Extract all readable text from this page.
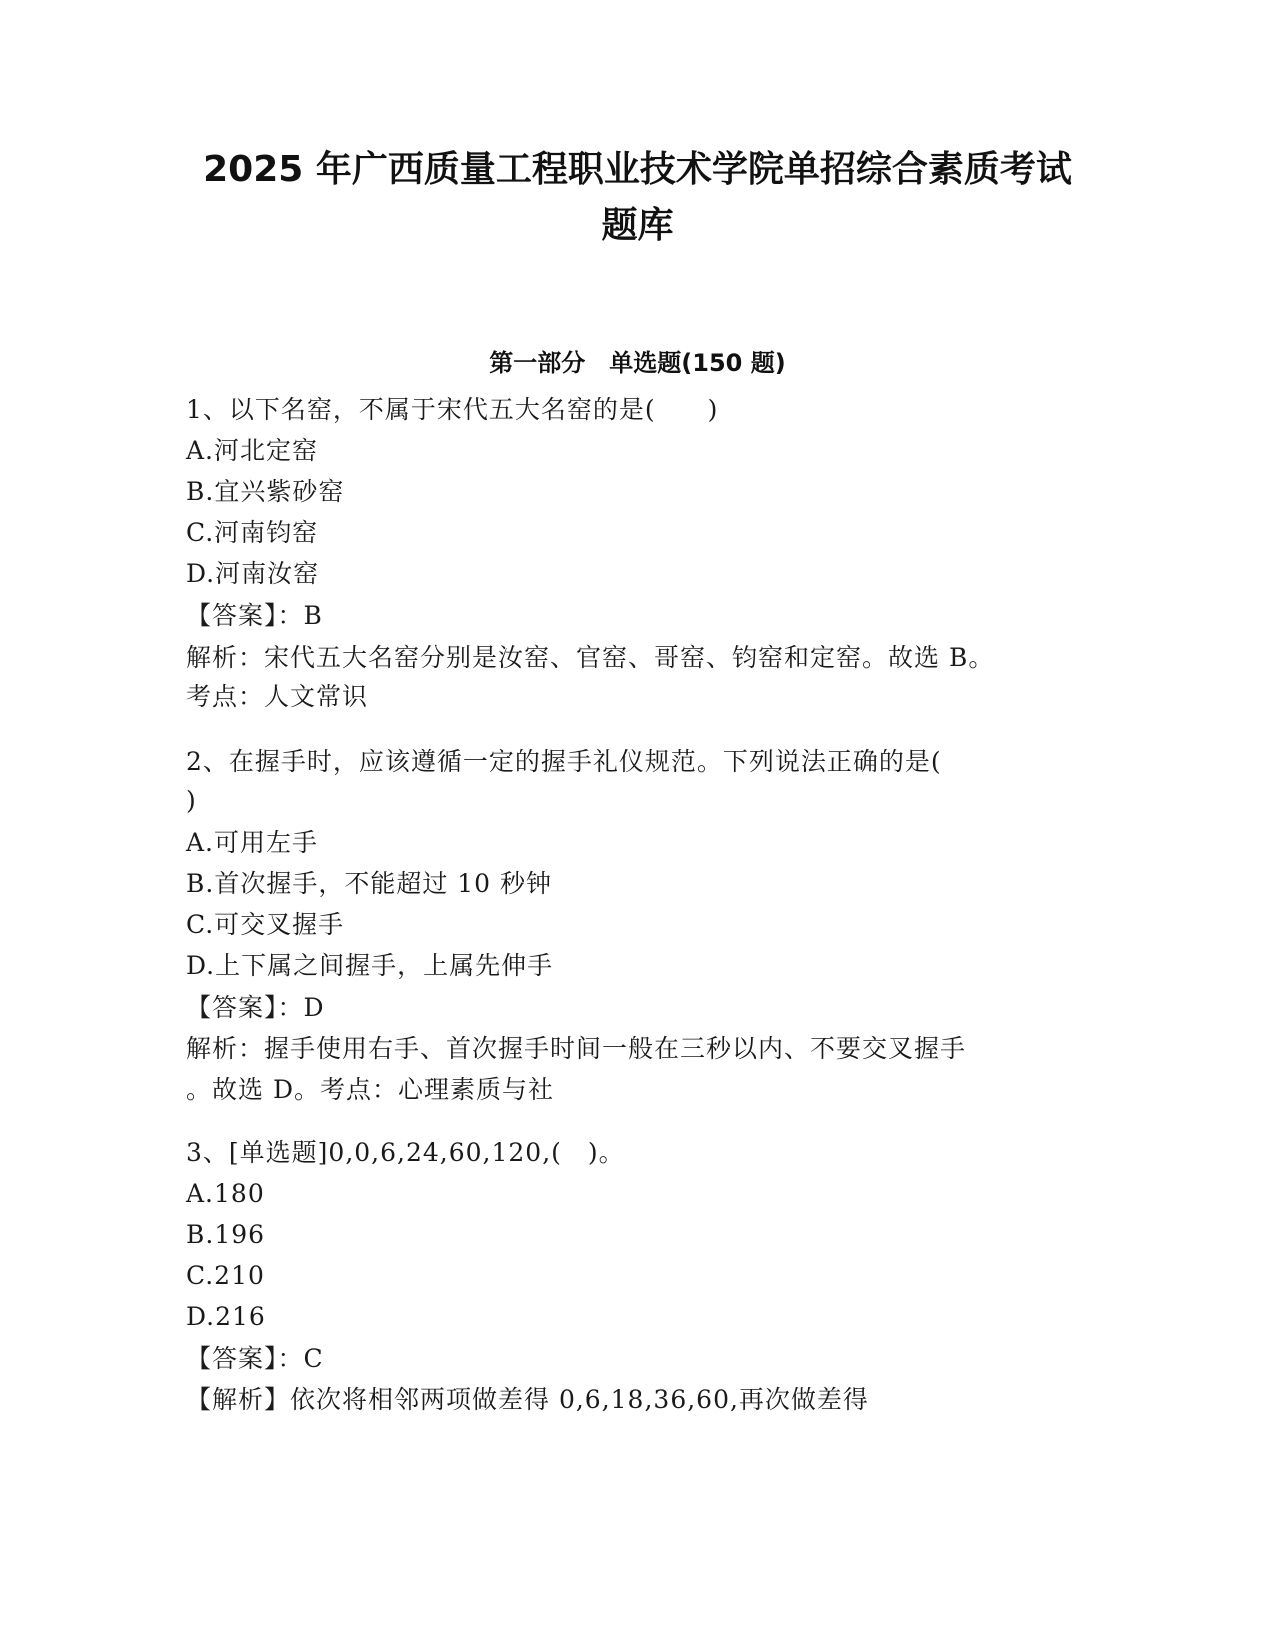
2025 年广西质量工程职业技术学院单招综合素质考试
题库
第一部分　单选题(150 题)
1、以下名窑，不属于宋代五大名窑的是(　　)
A.河北定窑
B.宜兴紫砂窑
C.河南钧窑
D.河南汝窑
【答案】：B
解析：宋代五大名窑分别是汝窑、官窑、哥窑、钧窑和定窑。故选 B。
考点：人文常识
2、在握手时，应该遵循一定的握手礼仪规范。下列说法正确的是(
)
A.可用左手
B.首次握手，不能超过 10 秒钟
C.可交叉握手
D.上下属之间握手，上属先伸手
【答案】：D
解析：握手使用右手、首次握手时间一般在三秒以内、不要交叉握手
。故选 D。考点：心理素质与社
3、[单选题]0,0,6,24,60,120,(　)。
A.180
B.196
C.210
D.216
【答案】：C
【解析】依次将相邻两项做差得 0,6,18,36,60,再次做差得
